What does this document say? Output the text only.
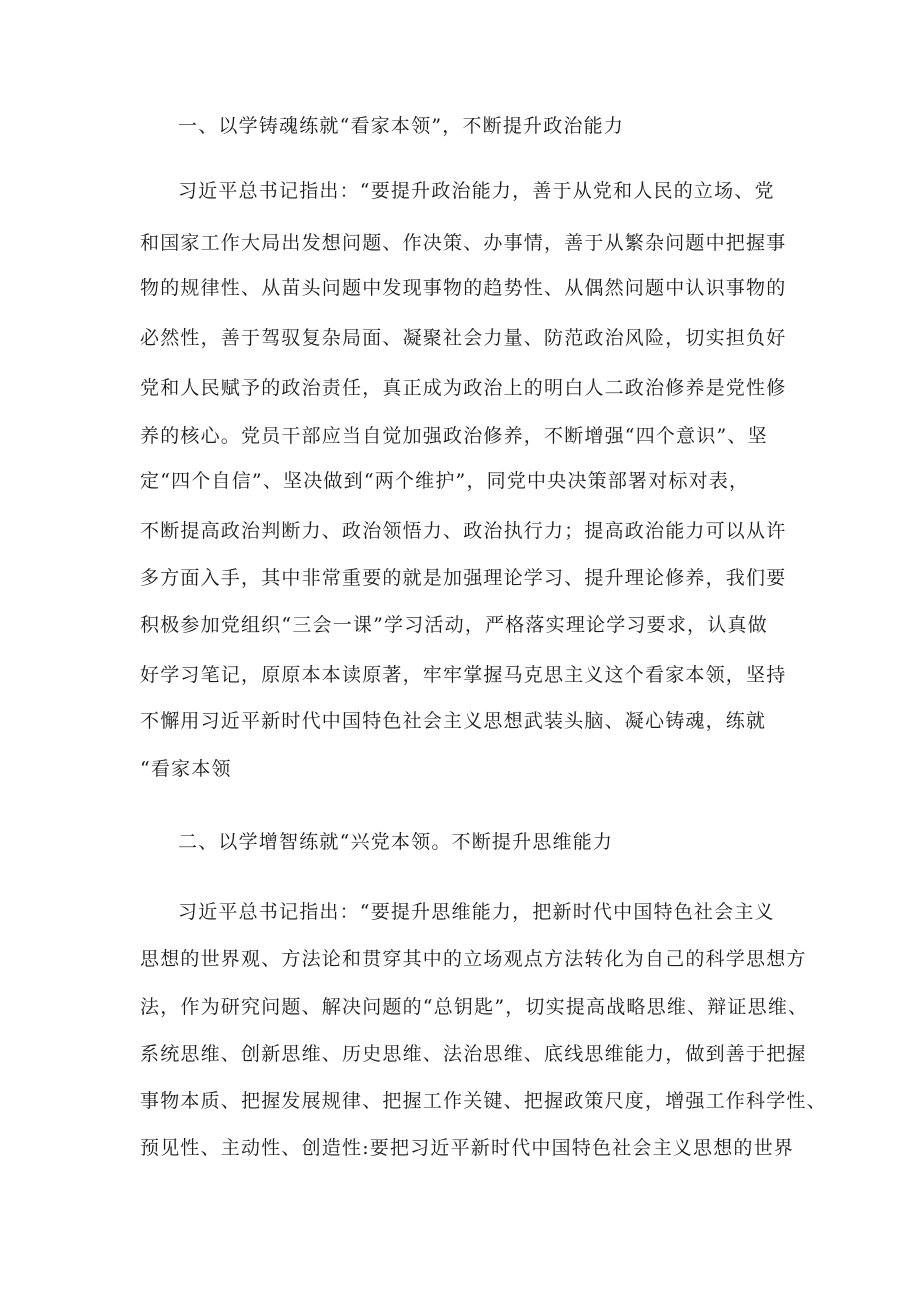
一、以学铸魂练就“看家本领”，不断提升政治能力
习近平总书记指出：“要提升政治能力，善于从党和人民的立场、党
和国家工作大局出发想问题、作决策、办事情，善于从繁杂问题中把握事
物的规律性、从苗头问题中发现事物的趋势性、从偶然问题中认识事物的
必然性，善于驾驭复杂局面、凝聚社会力量、防范政治风险，切实担负好
党和人民赋予的政治责任，真正成为政治上的明白人二政治修养是党性修
养的核心。党员干部应当自觉加强政治修养，不断增强“四个意识”、坚
定“四个自信”、坚决做到“两个维护”，同党中央决策部署对标对表，
不断提高政治判断力、政治领悟力、政治执行力；提高政治能力可以从许
多方面入手，其中非常重要的就是加强理论学习、提升理论修养，我们要
积极参加党组织“三会一课”学习活动，严格落实理论学习要求，认真做
好学习笔记，原原本本读原著，牢牢掌握马克思主义这个看家本领，坚持
不懈用习近平新时代中国特色社会主义思想武装头脑、凝心铸魂，练就
“看家本领
二、以学增智练就“兴党本领。不断提升思维能力
习近平总书记指出：“要提升思维能力，把新时代中国特色社会主义
思想的世界观、方法论和贯穿其中的立场观点方法转化为自己的科学思想方
法，作为研究问题、解决问题的“总钥匙”，切实提高战略思维、辩证思维、
系统思维、创新思维、历史思维、法治思维、底线思维能力，做到善于把握
事物本质、把握发展规律、把握工作关键、把握政策尺度，增强工作科学性、
预见性、主动性、创造性:要把习近平新时代中国特色社会主义思想的世界
